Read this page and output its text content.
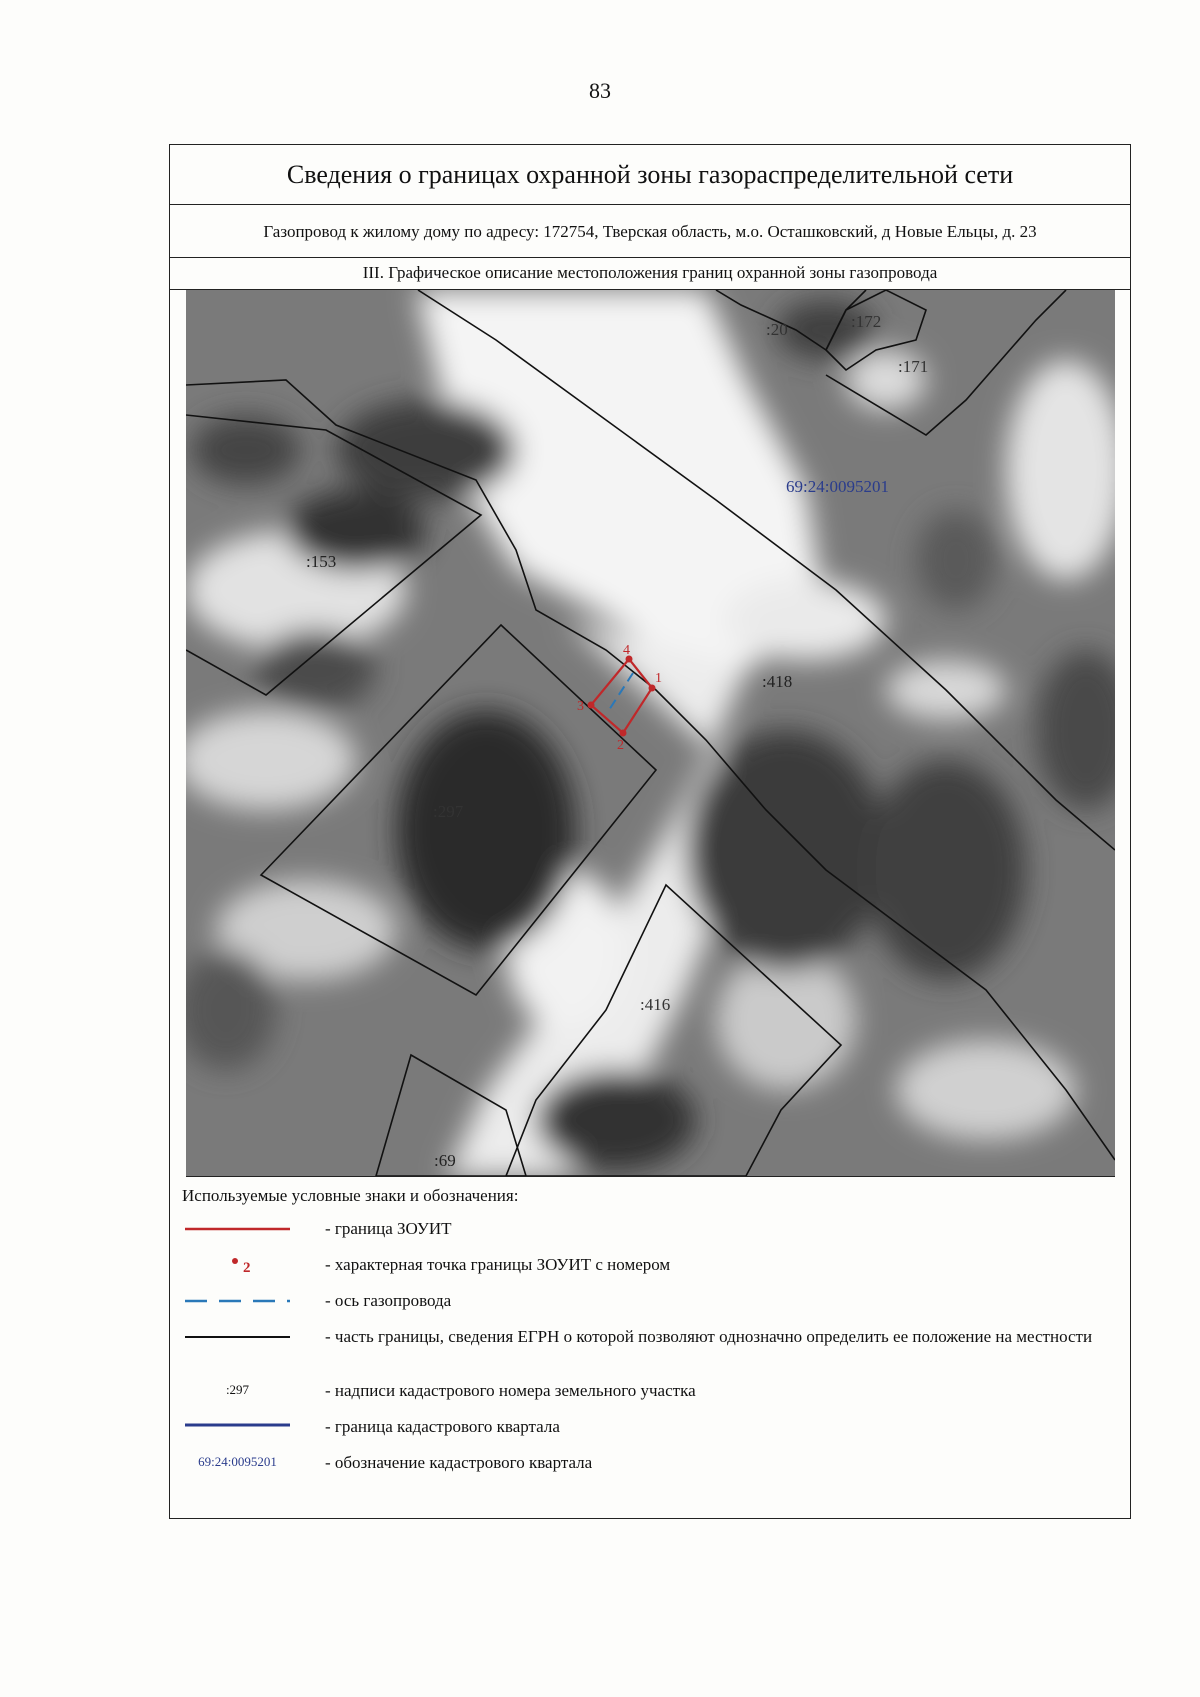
83
Сведения о границах охранной зоны газораспределительной сети
Газопровод к жилому дому по адресу: 172754, Тверская область, м.о. Осташковский, д Новые Ельцы, д. 23
III. Графическое описание местоположения границ охранной зоны газопровода
1
2
3
4
69:24:0095201
:20	:172
:171
:153
:418
:297
:416
:69
Используемые условные знаки и обозначения:
- граница ЗОУИТ
2	- характерная точка границы ЗОУИТ с номером
- ось газопровода
- часть границы, сведения ЕГРН о которой позволяют однозначно определить ее положение на местности
:297	- надписи кадастрового номера земельного участка
- граница кадастрового квартала
69:24:0095201	- обозначение кадастрового квартала
